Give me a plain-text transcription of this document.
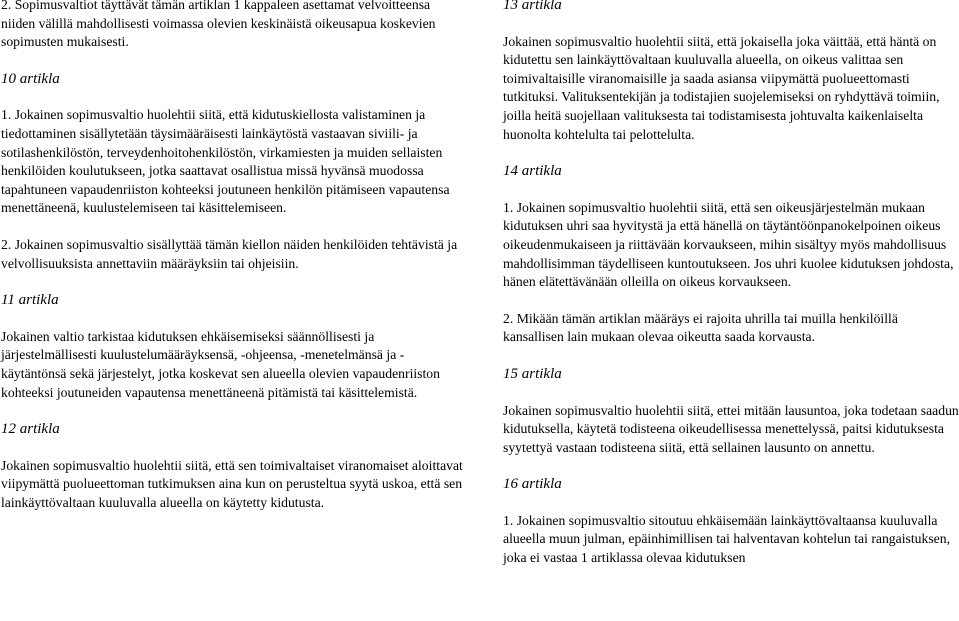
2. Sopimusvaltiot täyttävät tämän artiklan 1 kappaleen asettamat velvoitteensa niiden välillä mahdollisesti voimassa olevien keskinäistä oikeusapua koskevien sopimusten mukaisesti.

10 artikla

1. Jokainen sopimusvaltio huolehtii siitä, että kidutuskiellosta valistaminen ja tiedottaminen sisällytetään täysimääräisesti lainkäytöstä vastaavan siviili- ja sotilashenkilöstön, terveydenhoitohenkilöstön, virkamiesten ja muiden sellaisten henkilöiden koulutukseen, jotka saattavat osallistua missä hyvänsä muodossa tapahtuneen vapaudenriiston kohteeksi joutuneen henkilön pitämiseen vapautensa menettäneenä, kuulustelemiseen tai käsittelemiseen.

2. Jokainen sopimusvaltio sisällyttää tämän kiellon näiden henkilöiden tehtävistä ja velvollisuuksista annettaviin määräyksiin tai ohjeisiin.

11 artikla

Jokainen valtio tarkistaa kidutuksen ehkäisemiseksi säännöllisesti ja järjestelmällisesti kuulustelumääräyksensä, -ohjeensa, -menetelmänsä ja -käytäntönsä sekä järjestelyt, jotka koskevat sen alueella olevien vapaudenriiston kohteeksi joutuneiden vapautensa menettäneenä pitämistä tai käsittelemistä.

12 artikla

Jokainen sopimusvaltio huolehtii siitä, että sen toimivaltaiset viranomaiset aloittavat viipymättä puolueettoman tutkimuksen aina kun on perusteltua syytä uskoa, että sen lainkäyttövaltaan kuuluvalla alueella on käytetty kidutusta.

13 artikla

Jokainen sopimusvaltio huolehtii siitä, että jokaisella joka väittää, että häntä on kidutettu sen lainkäyttövaltaan kuuluvalla alueella, on oikeus valittaa sen toimivaltaisille viranomaisille ja saada asiansa viipymättä puolueettomasti tutkituksi. Valituksentekijän ja todistajien suojelemiseksi on ryhdyttävä toimiin, joilla heitä suojellaan valituksesta tai todistamisesta johtuvalta kaikenlaiselta huonolta kohtelulta tai pelottelulta.

14 artikla

1. Jokainen sopimusvaltio huolehtii siitä, että sen oikeusjärjestelmän mukaan kidutuksen uhri saa hyvitystä ja että hänellä on täytäntöönpanokelpoinen oikeus oikeudenmukaiseen ja riittävään korvaukseen, mihin sisältyy myös mahdollisuus mahdollisimman täydelliseen kuntoutukseen. Jos uhri kuolee kidutuksen johdosta, hänen elätettävänään olleilla on oikeus korvaukseen.

2. Mikään tämän artiklan määräys ei rajoita uhrilla tai muilla henkilöillä kansallisen lain mukaan olevaa oikeutta saada korvausta.

15 artikla

Jokainen sopimusvaltio huolehtii siitä, ettei mitään lausuntoa, joka todetaan saadun kidutuksella, käytetä todisteena oikeudellisessa menettelyssä, paitsi kidutuksesta syytettyä vastaan todisteena siitä, että sellainen lausunto on annettu.

16 artikla

1. Jokainen sopimusvaltio sitoutuu ehkäisemään lainkäyttövaltaansa kuuluvalla alueella muun julman, epäinhimillisen tai halventavan kohtelun tai rangaistuksen, joka ei vastaa 1 artiklassa olevaa kidutuksen
